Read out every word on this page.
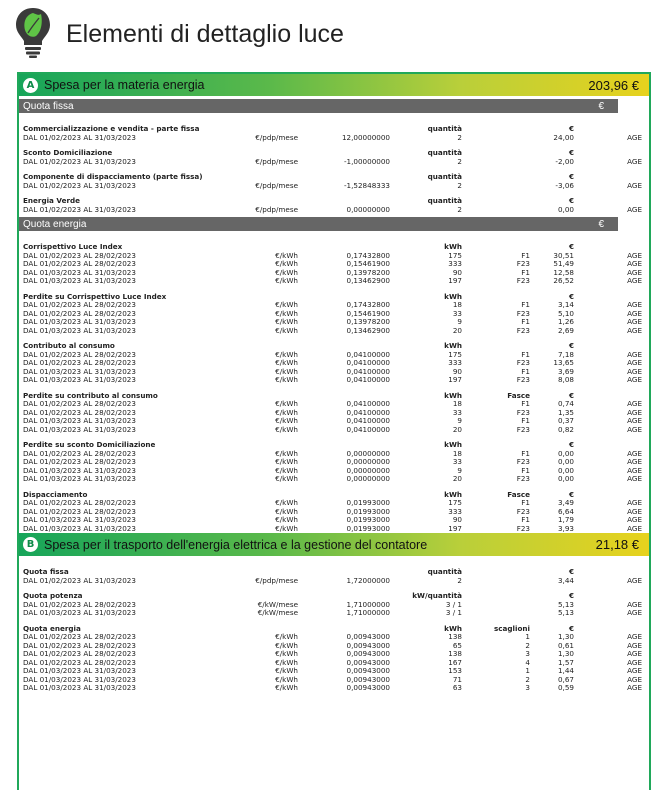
Elementi di dettaglio luce
A Spesa per la materia energia	203,96 €
Quota fissa	€
Commercializzazione e vendita - parte fissa	quantità	€
DAL 01/02/2023 AL 31/03/2023	€/pdp/mese	12,00000000	2	24,00	AGE
Sconto Domiciliazione	quantità	€
DAL 01/02/2023 AL 31/03/2023	€/pdp/mese	-1,00000000	2	-2,00	AGE
Componente di dispacciamento (parte fissa)	quantità	€
DAL 01/02/2023 AL 31/03/2023	€/pdp/mese	-1,52848333	2	-3,06	AGE
Energia Verde	quantità	€
DAL 01/02/2023 AL 31/03/2023	€/pdp/mese	0,00000000	2	0,00	AGE
Quota energia	€
Corrispettivo Luce Index	kWh	€
DAL 01/02/2023 AL 28/02/2023	€/kWh	0,17432800	175	F1	30,51	AGE
DAL 01/02/2023 AL 28/02/2023	€/kWh	0,15461900	333	F23	51,49	AGE
DAL 01/03/2023 AL 31/03/2023	€/kWh	0,13978200	90	F1	12,58	AGE
DAL 01/03/2023 AL 31/03/2023	€/kWh	0,13462900	197	F23	26,52	AGE
Perdite su Corrispettivo Luce Index	kWh	€
DAL 01/02/2023 AL 28/02/2023	€/kWh	0,17432800	18	F1	3,14	AGE
DAL 01/02/2023 AL 28/02/2023	€/kWh	0,15461900	33	F23	5,10	AGE
DAL 01/03/2023 AL 31/03/2023	€/kWh	0,13978200	9	F1	1,26	AGE
DAL 01/03/2023 AL 31/03/2023	€/kWh	0,13462900	20	F23	2,69	AGE
Contributo al consumo	kWh	€
DAL 01/02/2023 AL 28/02/2023	€/kWh	0,04100000	175	F1	7,18	AGE
DAL 01/02/2023 AL 28/02/2023	€/kWh	0,04100000	333	F23	13,65	AGE
DAL 01/03/2023 AL 31/03/2023	€/kWh	0,04100000	90	F1	3,69	AGE
DAL 01/03/2023 AL 31/03/2023	€/kWh	0,04100000	197	F23	8,08	AGE
Perdite su contributo al consumo	kWh	Fasce	€
DAL 01/02/2023 AL 28/02/2023	€/kWh	0,04100000	18	F1	0,74	AGE
DAL 01/02/2023 AL 28/02/2023	€/kWh	0,04100000	33	F23	1,35	AGE
DAL 01/03/2023 AL 31/03/2023	€/kWh	0,04100000	9	F1	0,37	AGE
DAL 01/03/2023 AL 31/03/2023	€/kWh	0,04100000	20	F23	0,82	AGE
Perdite su sconto Domiciliazione	kWh	€
DAL 01/02/2023 AL 28/02/2023	€/kWh	0,00000000	18	F1	0,00	AGE
DAL 01/02/2023 AL 28/02/2023	€/kWh	0,00000000	33	F23	0,00	AGE
DAL 01/03/2023 AL 31/03/2023	€/kWh	0,00000000	9	F1	0,00	AGE
DAL 01/03/2023 AL 31/03/2023	€/kWh	0,00000000	20	F23	0,00	AGE
Dispacciamento	kWh	Fasce	€
DAL 01/02/2023 AL 28/02/2023	€/kWh	0,01993000	175	F1	3,49	AGE
DAL 01/02/2023 AL 28/02/2023	€/kWh	0,01993000	333	F23	6,64	AGE
DAL 01/03/2023 AL 31/03/2023	€/kWh	0,01993000	90	F1	1,79	AGE
DAL 01/03/2023 AL 31/03/2023	€/kWh	0,01993000	197	F23	3,93	AGE
B Spesa per il trasporto dell'energia elettrica e la gestione del contatore	21,18 €
Quota fissa	quantità	€
DAL 01/02/2023 AL 31/03/2023	€/pdp/mese	1,72000000	2	3,44	AGE
Quota potenza	kW/quantità	€
DAL 01/02/2023 AL 28/02/2023	€/kW/mese	1,71000000	3 / 1	5,13	AGE
DAL 01/03/2023 AL 31/03/2023	€/kW/mese	1,71000000	3 / 1	5,13	AGE
Quota energia	kWh	scaglioni	€
DAL 01/02/2023 AL 28/02/2023	€/kWh	0,00943000	138	1	1,30	AGE
DAL 01/02/2023 AL 28/02/2023	€/kWh	0,00943000	65	2	0,61	AGE
DAL 01/02/2023 AL 28/02/2023	€/kWh	0,00943000	138	3	1,30	AGE
DAL 01/02/2023 AL 28/02/2023	€/kWh	0,00943000	167	4	1,57	AGE
DAL 01/03/2023 AL 31/03/2023	€/kWh	0,00943000	153	1	1,44	AGE
DAL 01/03/2023 AL 31/03/2023	€/kWh	0,00943000	71	2	0,67	AGE
DAL 01/03/2023 AL 31/03/2023	€/kWh	0,00943000	63	3	0,59	AGE
